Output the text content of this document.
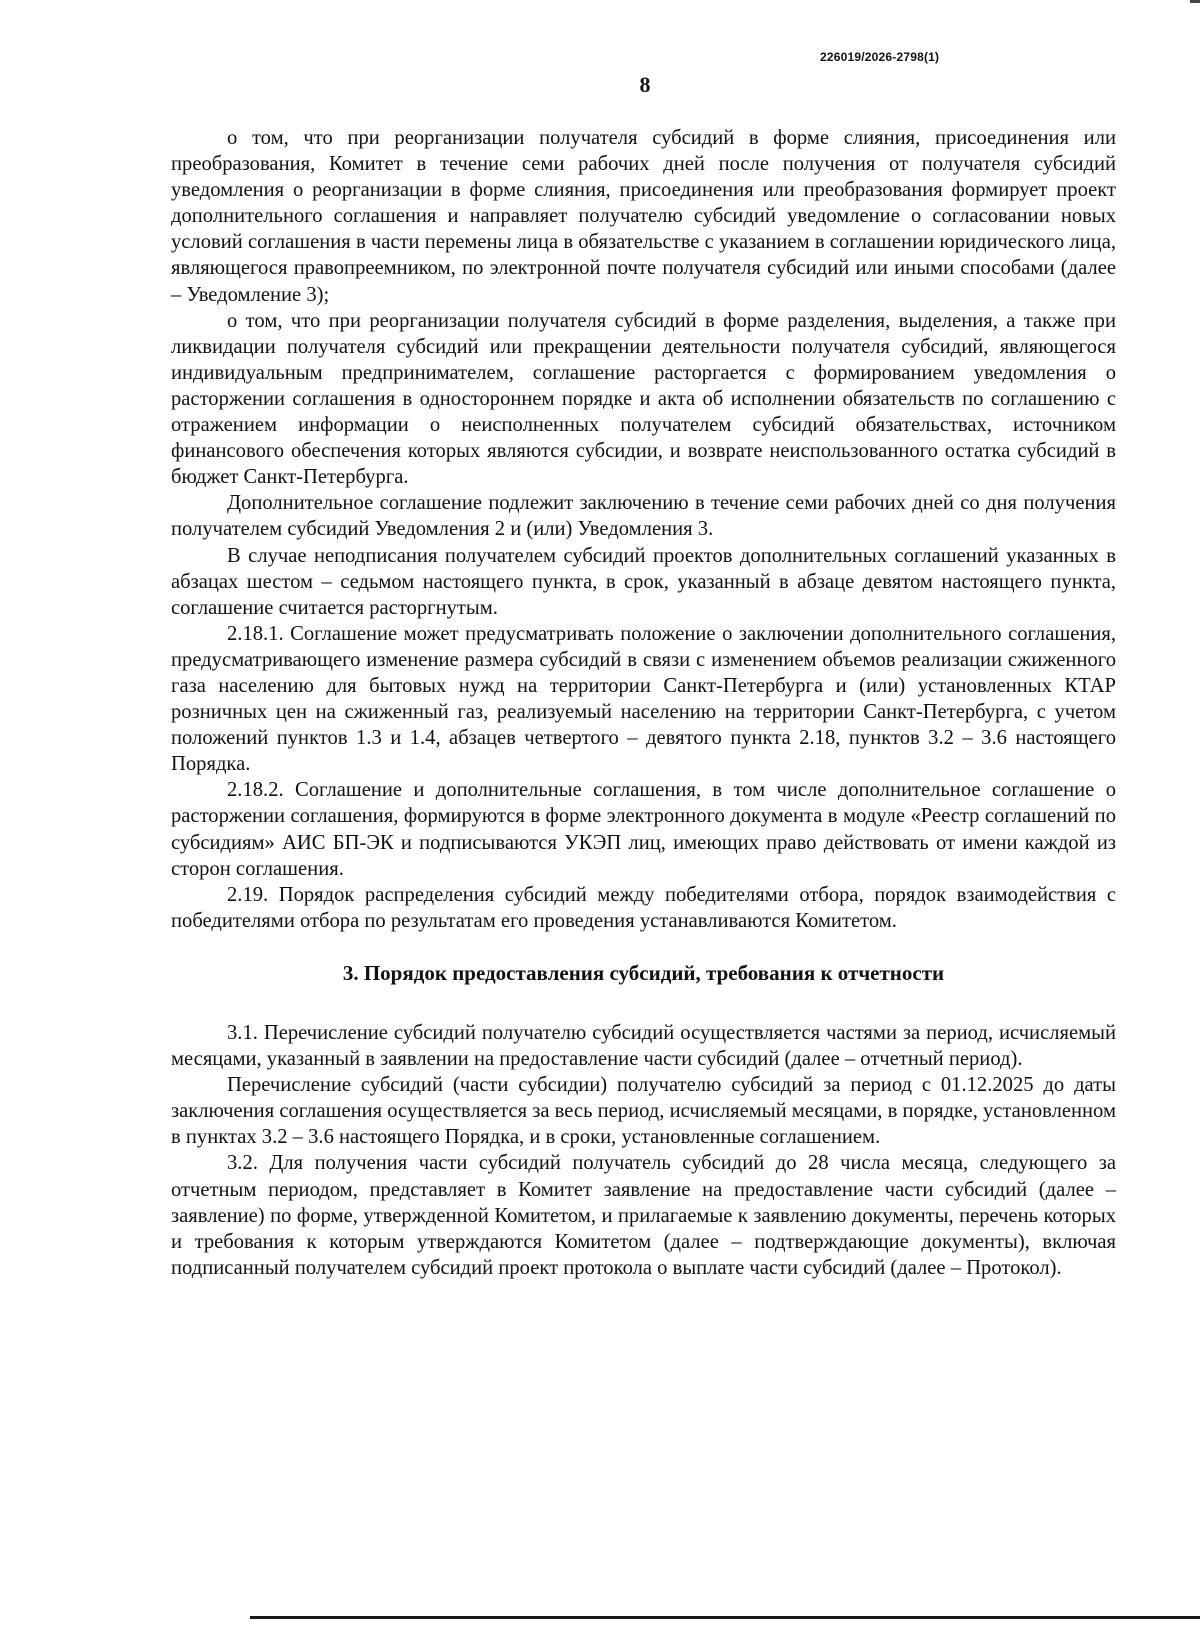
226019/2026-2798(1)
8

о том, что при реорганизации получателя субсидий в форме слияния, присоединения или преобразования, Комитет в течение семи рабочих дней после получения от получателя субсидий уведомления о реорганизации в форме слияния, присоединения или преобразования формирует проект дополнительного соглашения и направляет получателю субсидий уведомление о согласовании новых условий соглашения в части перемены лица в обязательстве с указанием в соглашении юридического лица, являющегося правопреемником, по электронной почте получателя субсидий или иными способами (далее – Уведомление 3);

о том, что при реорганизации получателя субсидий в форме разделения, выделения, а также при ликвидации получателя субсидий или прекращении деятельности получателя субсидий, являющегося индивидуальным предпринимателем, соглашение расторгается с формированием уведомления о расторжении соглашения в одностороннем порядке и акта об исполнении обязательств по соглашению с отражением информации о неисполненных получателем субсидий обязательствах, источником финансового обеспечения которых являются субсидии, и возврате неиспользованного остатка субсидий в бюджет Санкт-Петербурга.

Дополнительное соглашение подлежит заключению в течение семи рабочих дней со дня получения получателем субсидий Уведомления 2 и (или) Уведомления 3.

В случае неподписания получателем субсидий проектов дополнительных соглашений указанных в абзацах шестом – седьмом настоящего пункта, в срок, указанный в абзаце девятом настоящего пункта, соглашение считается расторгнутым.

2.18.1. Соглашение может предусматривать положение о заключении дополнительного соглашения, предусматривающего изменение размера субсидий в связи с изменением объемов реализации сжиженного газа населению для бытовых нужд на территории Санкт-Петербурга и (или) установленных КТАР розничных цен на сжиженный газ, реализуемый населению на территории Санкт-Петербурга, с учетом положений пунктов 1.3 и 1.4, абзацев четвертого – девятого пункта 2.18, пунктов 3.2 – 3.6 настоящего Порядка.

2.18.2. Соглашение и дополнительные соглашения, в том числе дополнительное соглашение о расторжении соглашения, формируются в форме электронного документа в модуле «Реестр соглашений по субсидиям» АИС БП-ЭК и подписываются УКЭП лиц, имеющих право действовать от имени каждой из сторон соглашения.

2.19. Порядок распределения субсидий между победителями отбора, порядок взаимодействия с победителями отбора по результатам его проведения устанавливаются Комитетом.

3. Порядок предоставления субсидий, требования к отчетности

3.1. Перечисление субсидий получателю субсидий осуществляется частями за период, исчисляемый месяцами, указанный в заявлении на предоставление части субсидий (далее – отчетный период).

Перечисление субсидий (части субсидии) получателю субсидий за период с 01.12.2025 до даты заключения соглашения осуществляется за весь период, исчисляемый месяцами, в порядке, установленном в пунктах 3.2 – 3.6 настоящего Порядка, и в сроки, установленные соглашением.

3.2. Для получения части субсидий получатель субсидий до 28 числа месяца, следующего за отчетным периодом, представляет в Комитет заявление на предоставление части субсидий (далее – заявление) по форме, утвержденной Комитетом, и прилагаемые к заявлению документы, перечень которых и требования к которым утверждаются Комитетом (далее – подтверждающие документы), включая подписанный получателем субсидий проект протокола о выплате части субсидий (далее – Протокол).
